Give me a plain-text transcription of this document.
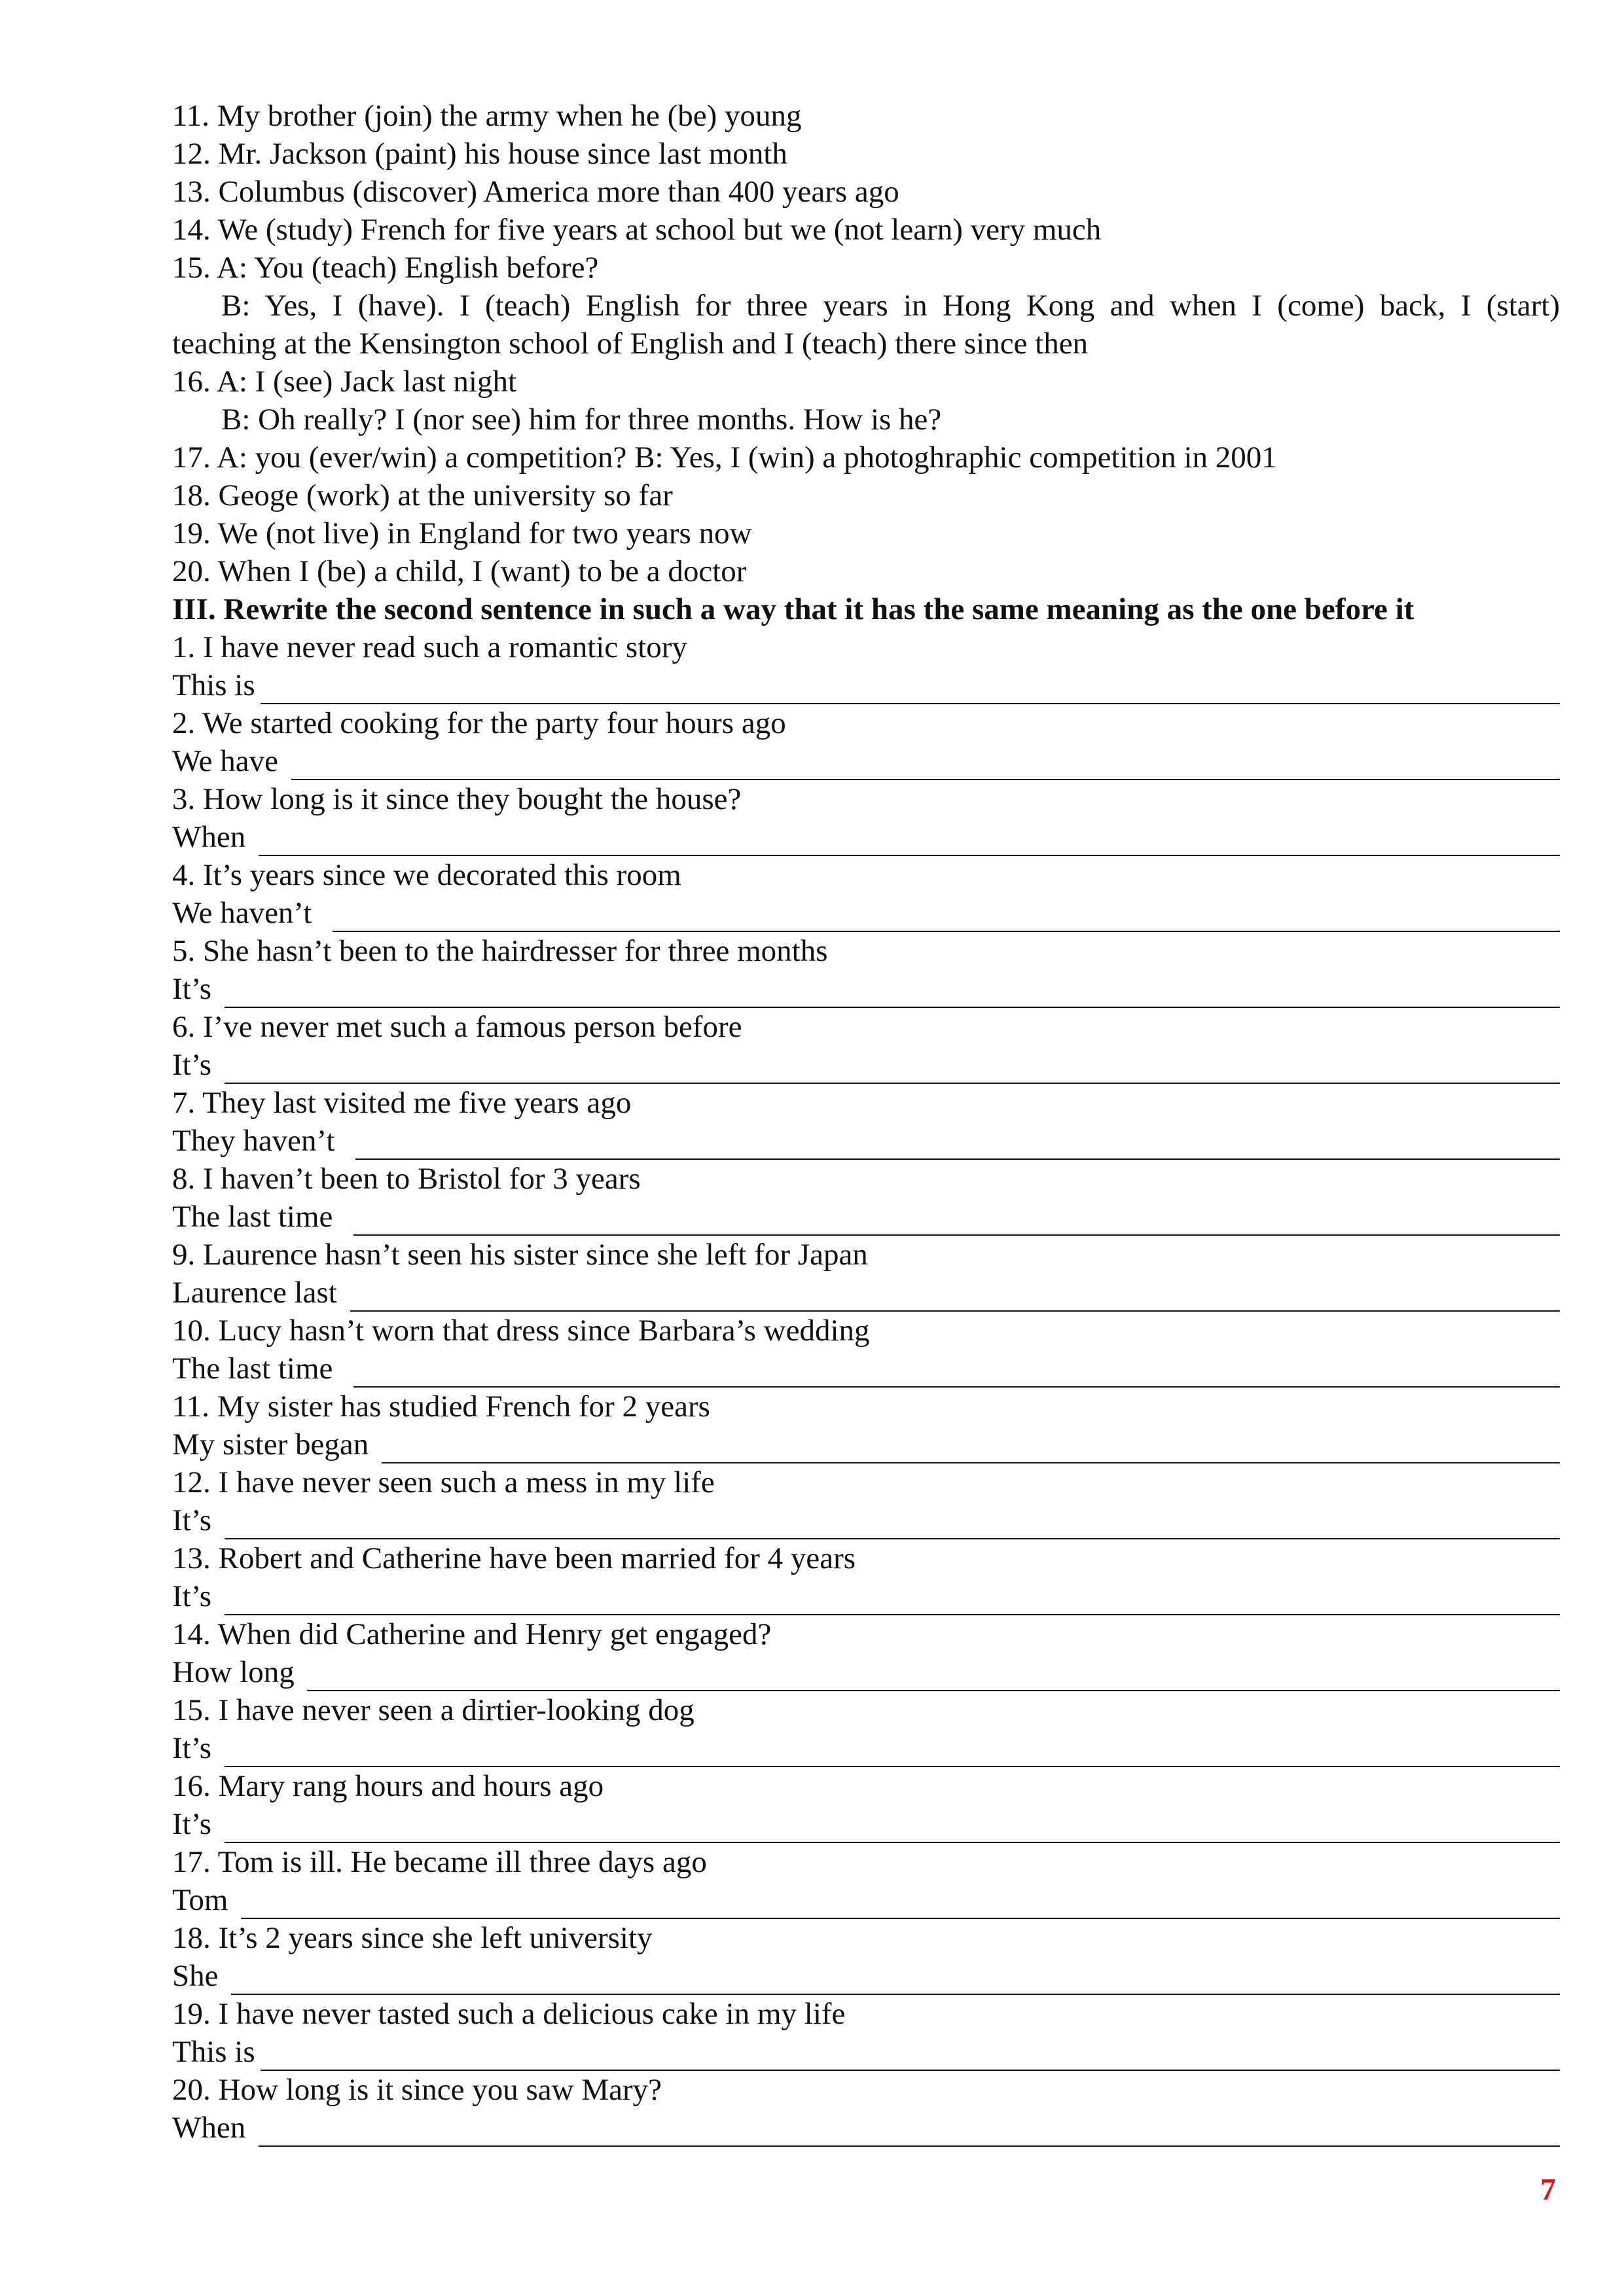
11. My brother (join) the army when he (be) young
12. Mr. Jackson (paint) his house since last month
13. Columbus (discover) America more than 400 years ago
14. We (study) French for five years at school but we (not learn) very much
15. A: You (teach) English before?
B: Yes, I (have). I (teach) English for three years in Hong Kong and when I (come) back, I (start)
teaching at the Kensington school of English and I (teach) there since then
16. A: I (see) Jack last night
B: Oh really? I (nor see) him for three months. How is he?
17. A: you (ever/win) a competition? B: Yes, I (win) a photoghraphic competition in 2001
18. Geoge (work) at the university so far
19. We (not live) in England for two years now
20. When I (be) a child, I (want) to be a doctor
III. Rewrite the second sentence in such a way that it has the same meaning as the one before it
1. I have never read such a romantic story
This is
2. We started cooking for the party four hours ago
We have
3. How long is it since they bought the house?
When
4. It’s years since we decorated this room
We haven’t
5. She hasn’t been to the hairdresser for three months
It’s
6. I’ve never met such a famous person before
It’s
7. They last visited me five years ago
They haven’t
8. I haven’t been to Bristol for 3 years
The last time
9. Laurence hasn’t seen his sister since she left for Japan
Laurence last
10. Lucy hasn’t worn that dress since Barbara’s wedding
The last time
11. My sister has studied French for 2 years
My sister began
12. I have never seen such a mess in my life
It’s
13. Robert and Catherine have been married for 4 years
It’s
14. When did Catherine and Henry get engaged?
How long
15. I have never seen a dirtier-looking dog
It’s
16. Mary rang hours and hours ago
It’s
17. Tom is ill. He became ill three days ago
Tom
18. It’s 2 years since she left university
She
19. I have never tasted such a delicious cake in my life
This is
20. How long is it since you saw Mary?
When
7
